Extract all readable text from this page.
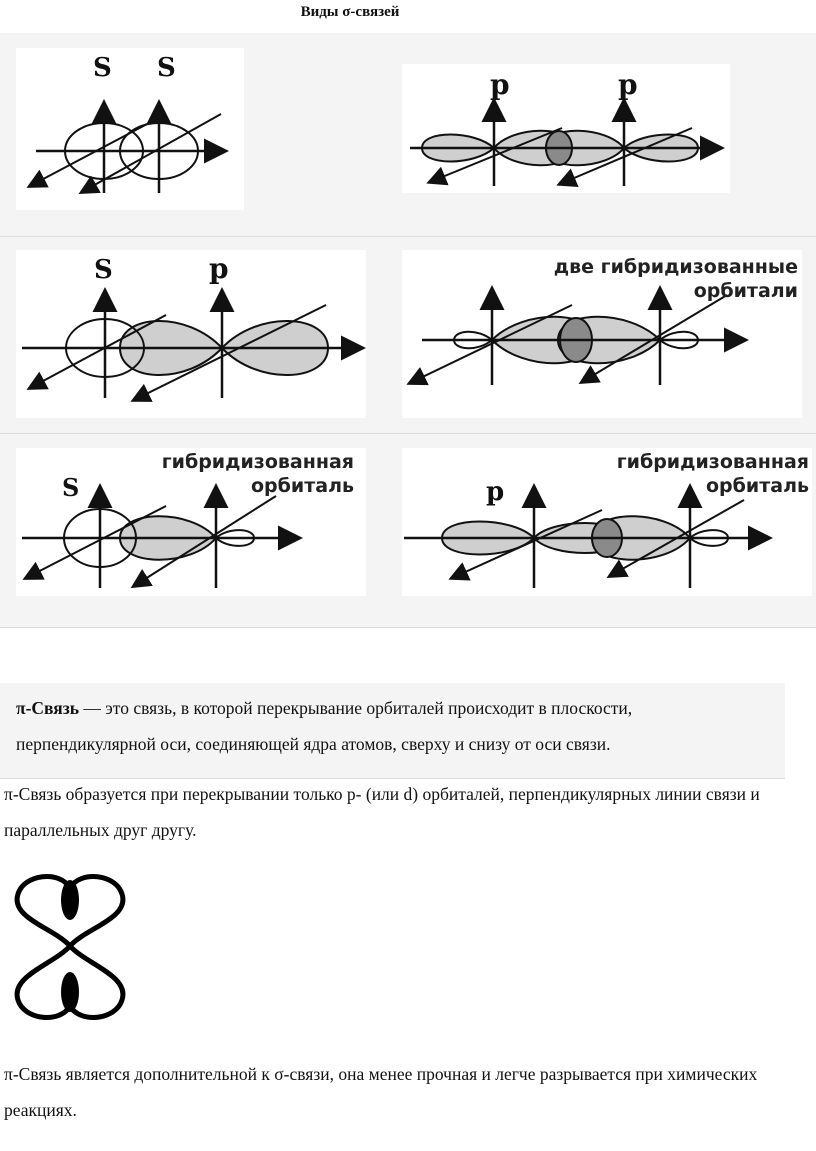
Виды σ-связей
S S	p	p
S	p	две гибридизованные
орбитали
S
гибридизованная
орбиталь	p
гибридизованная
орбиталь
π-Связь — это связь, в которой перекрывание орбиталей происходит в плоскости, перпендикулярной оси, соединяющей ядра атомов, сверху и снизу от оси связи.
π-Связь образуется при перекрывании только p- (или d) орбиталей, перпендикулярных линии связи и параллельных друг другу.
π-Связь является дополнительной к σ-связи, она менее прочная и легче разрывается при химических реакциях.
